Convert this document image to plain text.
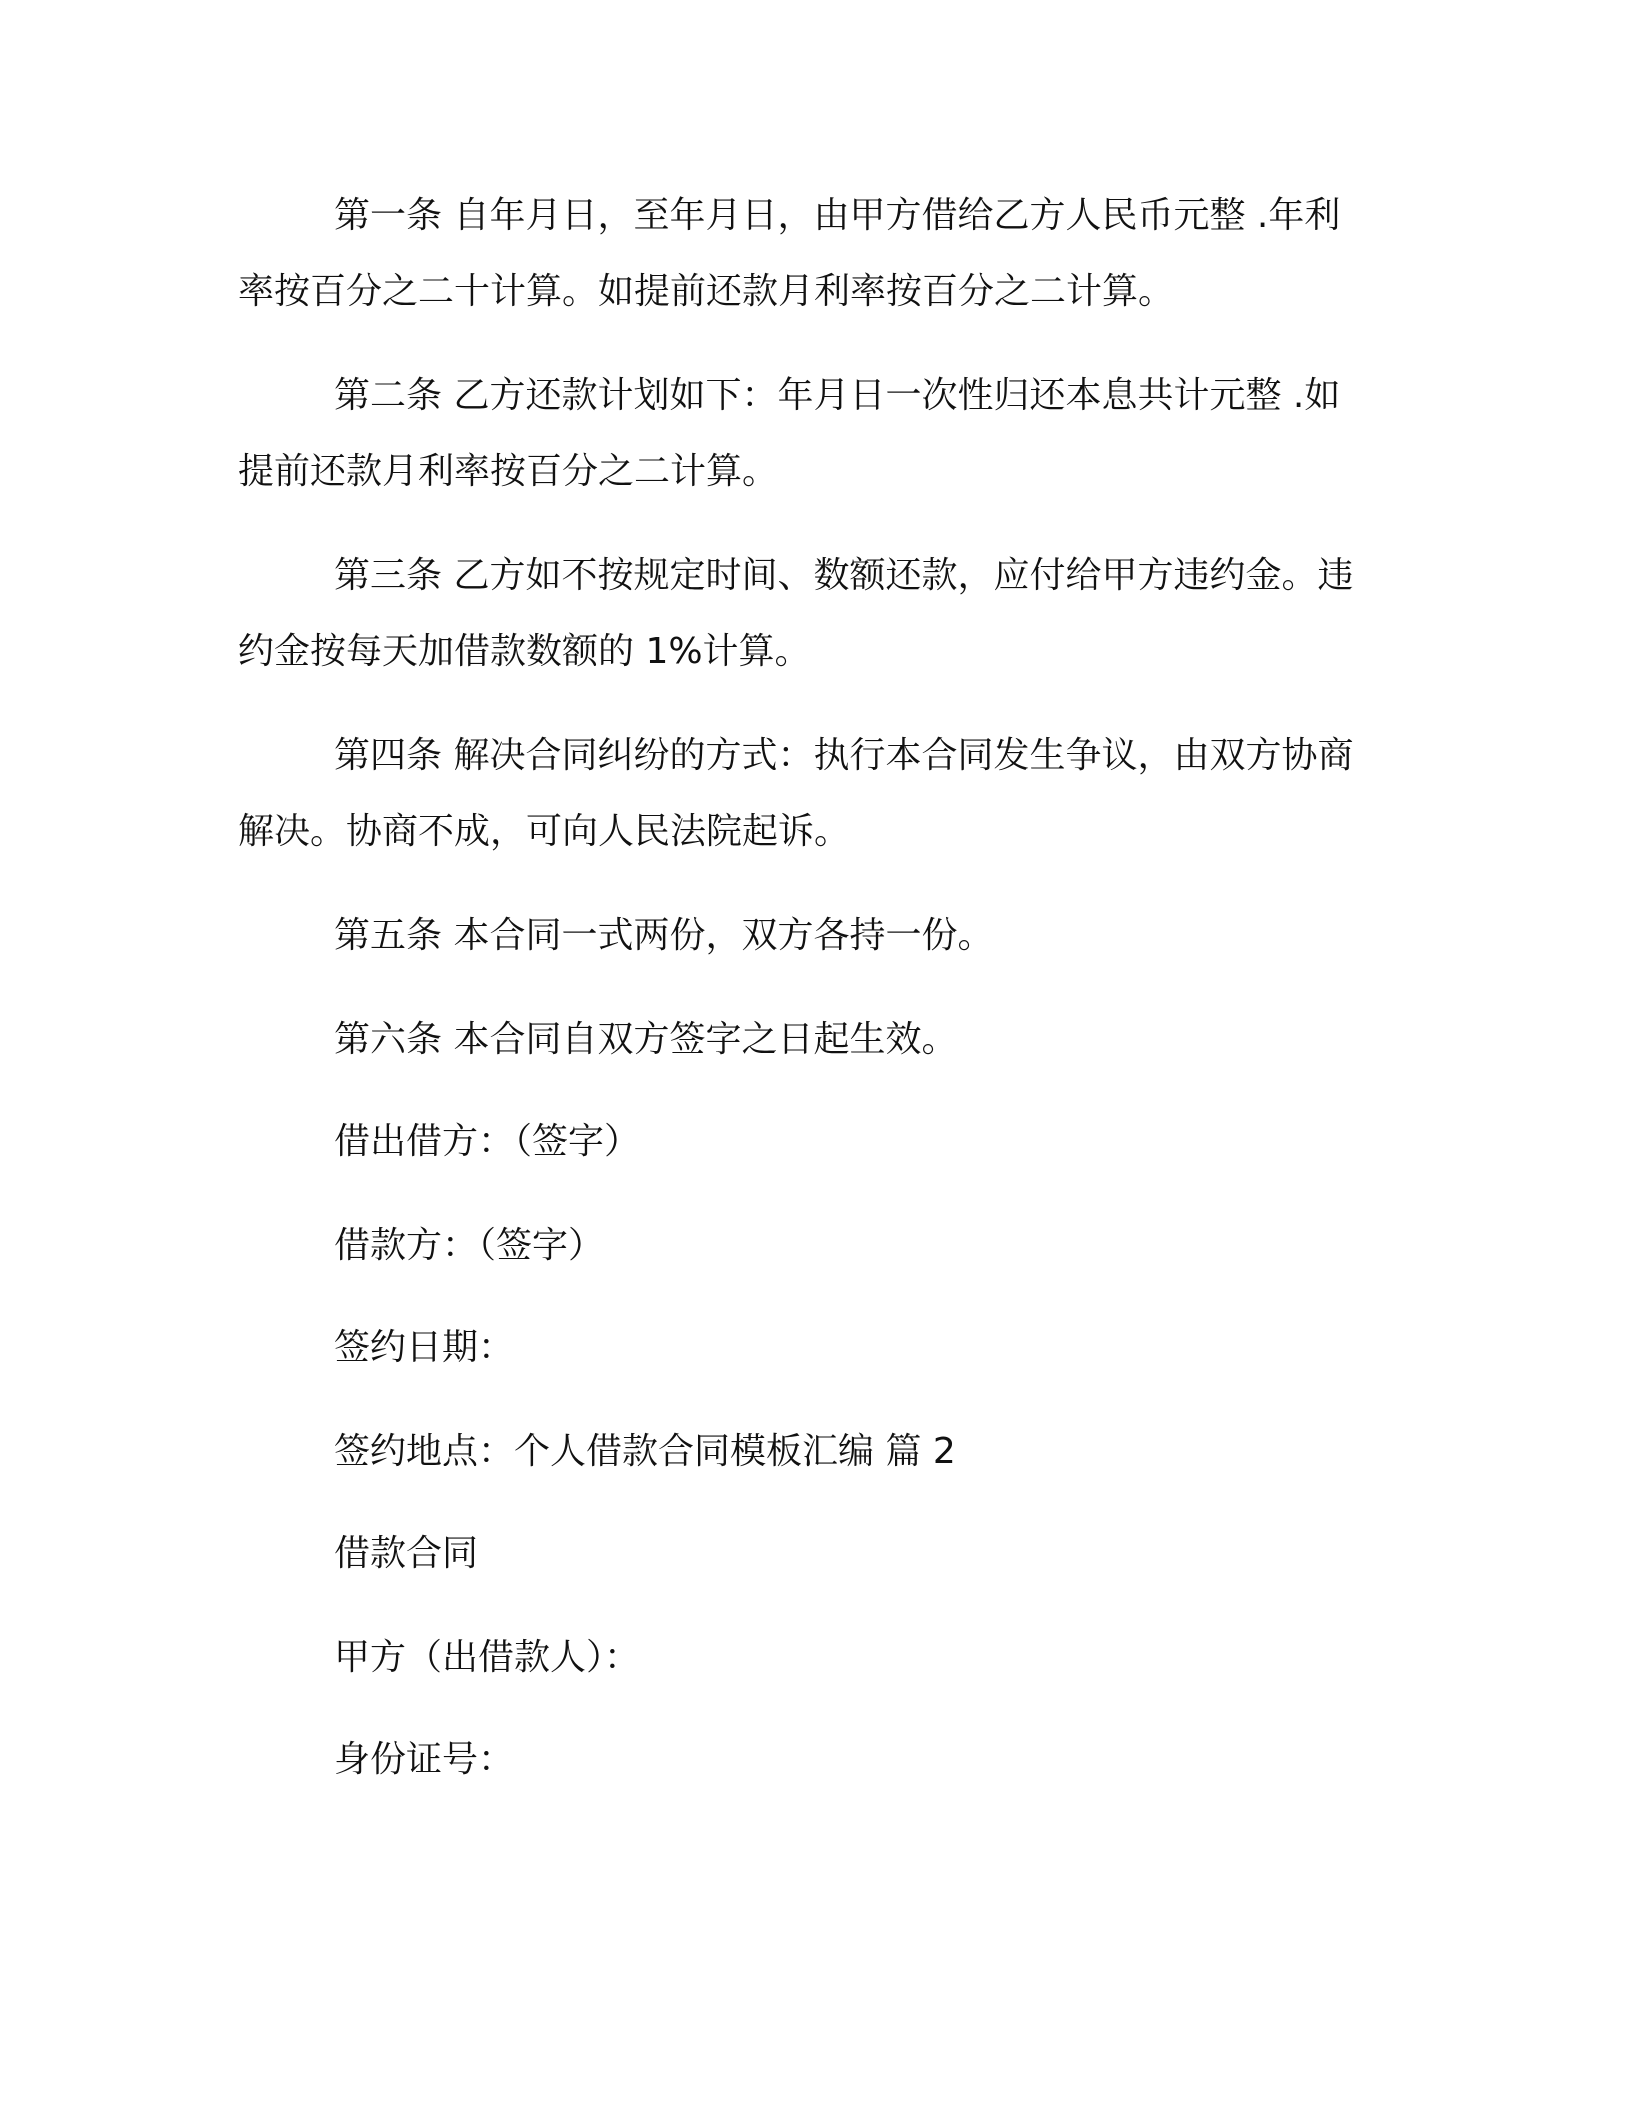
第一条 自年月日，至年月日，由甲方借给乙方人民币元整 .年利

率按百分之二十计算。如提前还款月利率按百分之二计算。

第二条 乙方还款计划如下：年月日一次性归还本息共计元整 .如

提前还款月利率按百分之二计算。

第三条 乙方如不按规定时间、数额还款，应付给甲方违约金。违

约金按每天加借款数额的 1%计算。

第四条 解决合同纠纷的方式：执行本合同发生争议，由双方协商

解决。协商不成，可向人民法院起诉。

第五条 本合同一式两份，双方各持一份。

第六条 本合同自双方签字之日起生效。

借出借方：（签字）

借款方：（签字）

签约日期：

签约地点：个人借款合同模板汇编 篇 2

借款合同

甲方（出借款人）：

身份证号：
